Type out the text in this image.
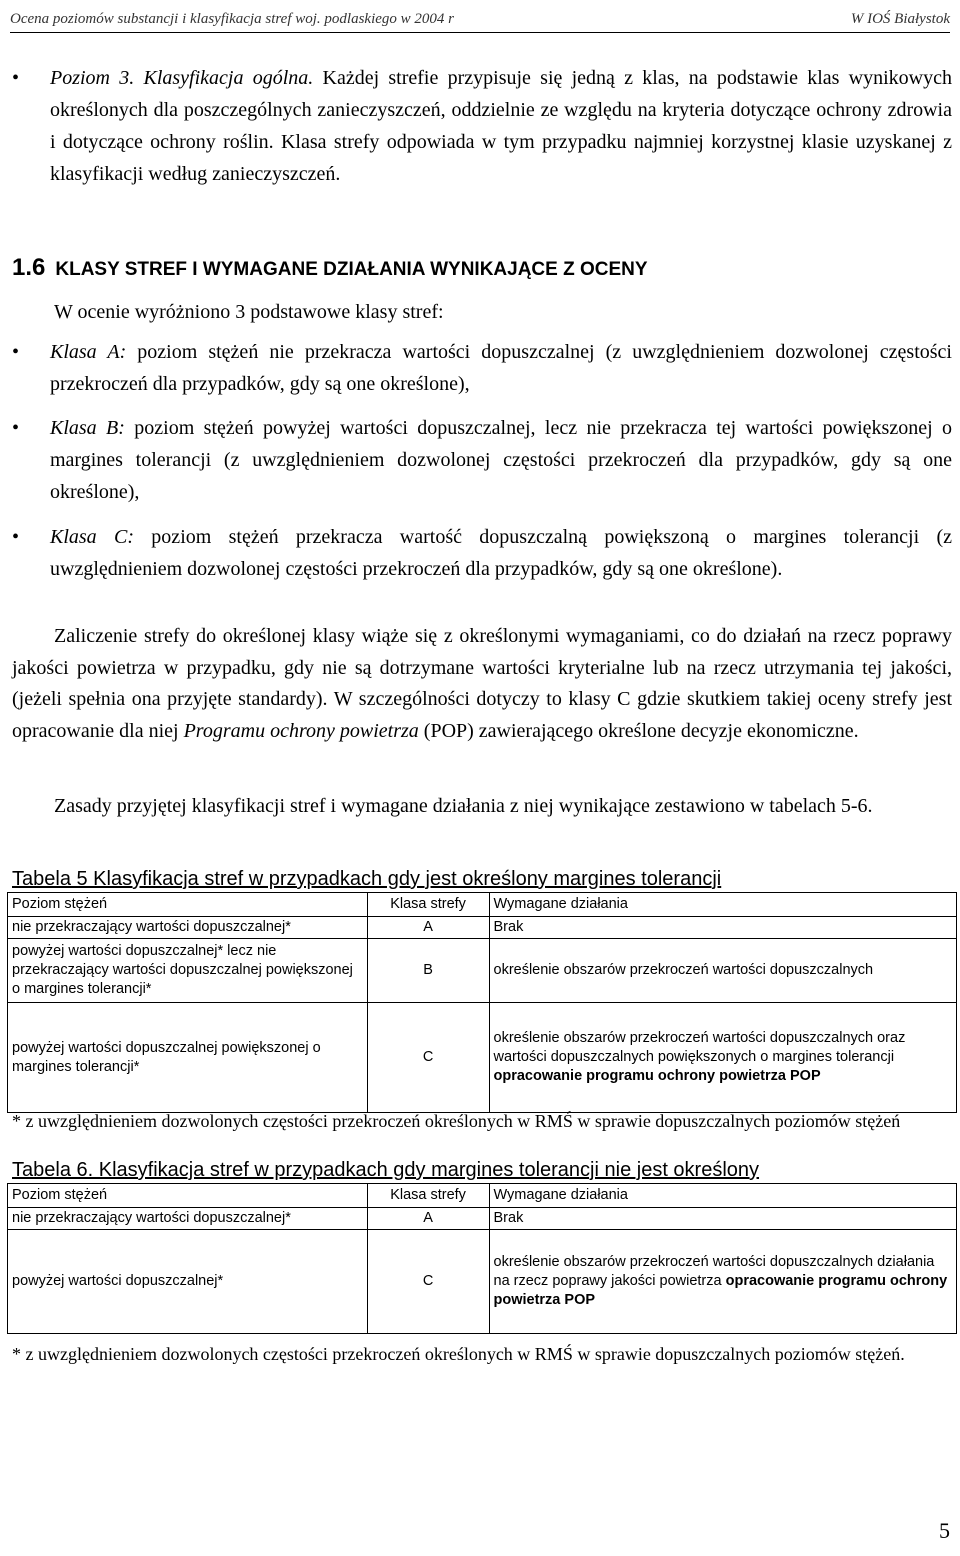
Ocena poziomów substancji i klasyfikacja stref woj. podlaskiego w 2004 r	W IOŚ Białystok
• Poziom 3. Klasyfikacja ogólna. Każdej strefie przypisuje się jedną z klas, na podstawie klas wynikowych określonych dla poszczególnych zanieczyszczeń, oddzielnie ze względu na kryteria dotyczące ochrony zdrowia i dotyczące ochrony roślin. Klasa strefy odpowiada w tym przypadku najmniej korzystnej klasie uzyskanej z klasyfikacji według zanieczyszczeń.
1.6 KLASY STREF I WYMAGANE DZIAŁANIA WYNIKAJĄCE Z OCENY
W ocenie wyróżniono 3 podstawowe klasy stref:
• Klasa A: poziom stężeń nie przekracza wartości dopuszczalnej (z uwzględnieniem dozwolonej częstości przekroczeń dla przypadków, gdy są one określone),
• Klasa B: poziom stężeń powyżej wartości dopuszczalnej, lecz nie przekracza tej wartości powiększonej o margines tolerancji (z uwzględnieniem dozwolonej częstości przekroczeń dla przypadków, gdy są one określone),
• Klasa C: poziom stężeń przekracza wartość dopuszczalną powiększoną o margines tolerancji (z uwzględnieniem dozwolonej częstości przekroczeń dla przypadków, gdy są one określone).
Zaliczenie strefy do określonej klasy wiąże się z określonymi wymaganiami, co do działań na rzecz poprawy jakości powietrza w przypadku, gdy nie są dotrzymane wartości kryterialne lub na rzecz utrzymania tej jakości, (jeżeli spełnia ona przyjęte standardy). W szczególności dotyczy to klasy C gdzie skutkiem takiej oceny strefy jest opracowanie dla niej Programu ochrony powietrza (POP) zawierającego określone decyzje ekonomiczne.
Zasady przyjętej klasyfikacji stref i wymagane działania z niej wynikające zestawiono w tabelach 5-6.
Tabela 5 Klasyfikacja stref w przypadkach gdy jest określony margines tolerancji
Poziom stężeń	Klasa strefy	Wymagane działania
nie przekraczający wartości dopuszczalnej*	A	Brak
powyżej wartości dopuszczalnej* lecz nie przekraczający wartości dopuszczalnej powiększonej o margines tolerancji*	B	określenie obszarów przekroczeń wartości dopuszczalnych
powyżej wartości dopuszczalnej powiększonej o margines tolerancji*	C	określenie obszarów przekroczeń wartości dopuszczalnych oraz wartości dopuszczalnych powiększonych o margines tolerancji
opracowanie programu ochrony powietrza POP
* z uwzględnieniem dozwolonych częstości przekroczeń określonych w RMŚ w sprawie dopuszczalnych poziomów stężeń
Tabela 6. Klasyfikacja stref w przypadkach gdy margines tolerancji nie jest określony
Poziom stężeń	Klasa strefy	Wymagane działania
nie przekraczający wartości dopuszczalnej*	A	Brak
powyżej wartości dopuszczalnej*	C	określenie obszarów przekroczeń wartości dopuszczalnych działania na rzecz poprawy jakości powietrza opracowanie programu ochrony powietrza POP
* z uwzględnieniem dozwolonych częstości przekroczeń określonych w RMŚ w sprawie dopuszczalnych poziomów stężeń.
5
